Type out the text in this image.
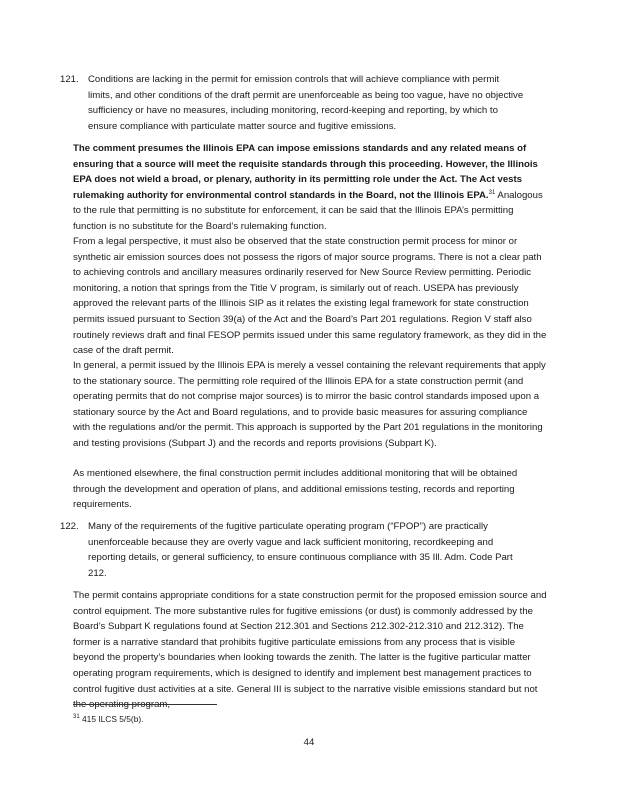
121. Conditions are lacking in the permit for emission controls that will achieve compliance with permit limits, and other conditions of the draft permit are unenforceable as being too vague, have no objective sufficiency or have no measures, including monitoring, record-keeping and reporting, by which to ensure compliance with particulate matter source and fugitive emissions.
The comment presumes the Illinois EPA can impose emissions standards and any related means of ensuring that a source will meet the requisite standards through this proceeding. However, the Illinois EPA does not wield a broad, or plenary, authority in its permitting role under the Act. The Act vests rulemaking authority for environmental control standards in the Board, not the Illinois EPA.$^{31}$ Analogous to the rule that permitting is no substitute for enforcement, it can be said that the Illinois EPA’s permitting function is no substitute for the Board’s rulemaking function.
From a legal perspective, it must also be observed that the state construction permit process for minor or synthetic air emission sources does not possess the rigors of major source programs. There is not a clear path to achieving controls and ancillary measures ordinarily reserved for New Source Review permitting. Periodic monitoring, a notion that springs from the Title V program, is similarly out of reach. USEPA has previously approved the relevant parts of the Illinois SIP as it relates the existing legal framework for state construction permits issued pursuant to Section 39(a) of the Act and the Board’s Part 201 regulations. Region V staff also routinely reviews draft and final FESOP permits issued under this same regulatory framework, as they did in the case of the draft permit.
In general, a permit issued by the Illinois EPA is merely a vessel containing the relevant requirements that apply to the stationary source. The permitting role required of the Illinois EPA for a state construction permit (and operating permits that do not comprise major sources) is to mirror the basic control standards imposed upon a stationary source by the Act and Board regulations, and to provide basic measures for assuring compliance with the regulations and/or the permit. This approach is supported by the Part 201 regulations in the monitoring and testing provisions (Subpart J) and the records and reports provisions (Subpart K).
As mentioned elsewhere, the final construction permit includes additional monitoring that will be obtained through the development and operation of plans, and additional emissions testing, records and reporting requirements.
122. Many of the requirements of the fugitive particulate operating program (“FPOP”) are practically unenforceable because they are overly vague and lack sufficient monitoring, recordkeeping and reporting details, or general sufficiency, to ensure continuous compliance with 35 Ill. Adm. Code Part 212.
The permit contains appropriate conditions for a state construction permit for the proposed emission source and control equipment. The more substantive rules for fugitive emissions (or dust) is commonly addressed by the Board’s Subpart K regulations found at Section 212.301 and Sections 212.302-212.310 and 212.312). The former is a narrative standard that prohibits fugitive particulate emissions from any process that is visible beyond the property’s boundaries when looking towards the zenith. The latter is the fugitive particular matter operating program requirements, which is designed to identify and implement best management practices to control fugitive dust activities at a site. General III is subject to the narrative visible emissions standard but not the operating program,
$^{31}$ 415 ILCS 5/5(b).
44
